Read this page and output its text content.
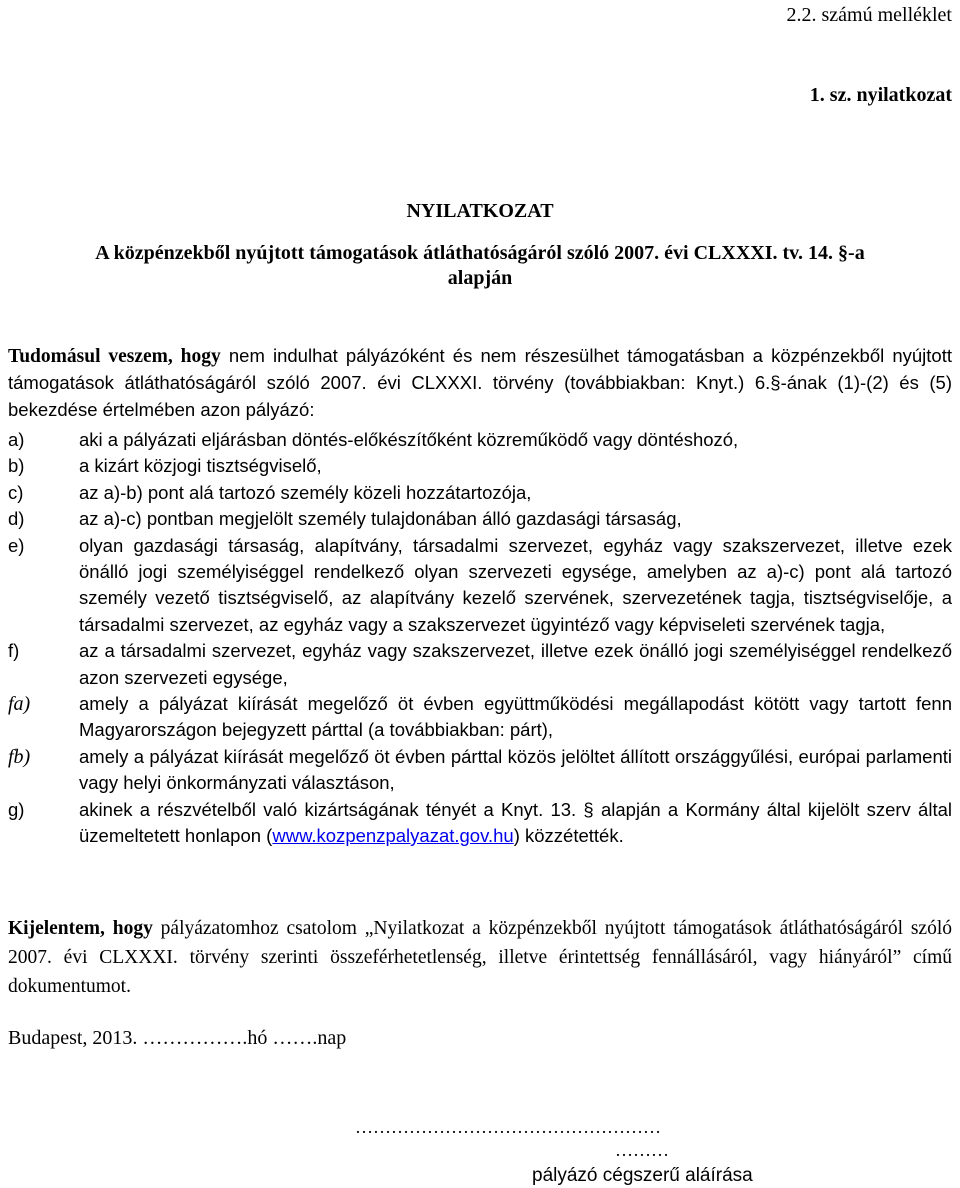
2.2. számú melléklet
1. sz. nyilatkozat
NYILATKOZAT
A közpénzekből nyújtott támogatások átláthatóságáról szóló 2007. évi CLXXXI. tv. 14. §-a
alapján
Tudomásul veszem, hogy nem indulhat pályázóként és nem részesülhet támogatásban a közpénzekből nyújtott támogatások átláthatóságáról szóló 2007. évi CLXXXI. törvény (továbbiakban: Knyt.) 6.§-ának (1)-(2) és (5) bekezdése értelmében azon pályázó:
a)	aki a pályázati eljárásban döntés-előkészítőként közreműködő vagy döntéshozó,
b)	a kizárt közjogi tisztségviselő,
c)	az a)-b) pont alá tartozó személy közeli hozzátartozója,
d)	az a)-c) pontban megjelölt személy tulajdonában álló gazdasági társaság,
e)	olyan gazdasági társaság, alapítvány, társadalmi szervezet, egyház vagy szakszervezet, illetve ezek önálló jogi személyiséggel rendelkező olyan szervezeti egysége, amelyben az a)-c) pont alá tartozó személy vezető tisztségviselő, az alapítvány kezelő szervének, szervezetének tagja, tisztségviselője, a társadalmi szervezet, az egyház vagy a szakszervezet ügyintéző vagy képviseleti szervének tagja,
f)	az a társadalmi szervezet, egyház vagy szakszervezet, illetve ezek önálló jogi személyiséggel rendelkező azon szervezeti egysége,
fa)	amely a pályázat kiírását megelőző öt évben együttműködési megállapodást kötött vagy tartott fenn Magyarországon bejegyzett párttal (a továbbiakban: párt),
fb)	amely a pályázat kiírását megelőző öt évben párttal közös jelöltet állított országgyűlési, európai parlamenti vagy helyi önkormányzati választáson,
g)	akinek a részvételből való kizártságának tényét a Knyt. 13. § alapján a Kormány által kijelölt szerv által üzemeltetett honlapon (www.kozpenzpalyazat.gov.hu) közzétették.
Kijelentem, hogy pályázatomhoz csatolom „Nyilatkozat a közpénzekből nyújtott támogatások átláthatóságáról szóló 2007. évi CLXXXI. törvény szerinti összeférhetetlenség, illetve érintettség fennállásáról, vagy hiányáról” című dokumentumot.
Budapest, 2013. …………….hó …….nap
……………………………………………
………
pályázó cégszerű aláírása
